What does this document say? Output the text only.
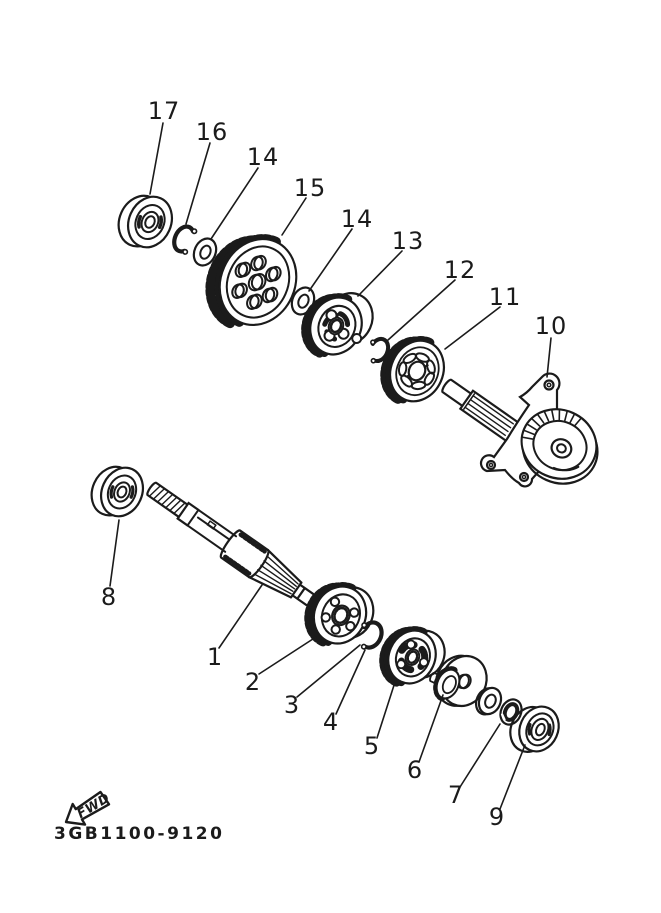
17
16
14
15
14
13
12
11
10
8
1
2
3
4
5
6
7
9
FWD
3GB1100-9120
